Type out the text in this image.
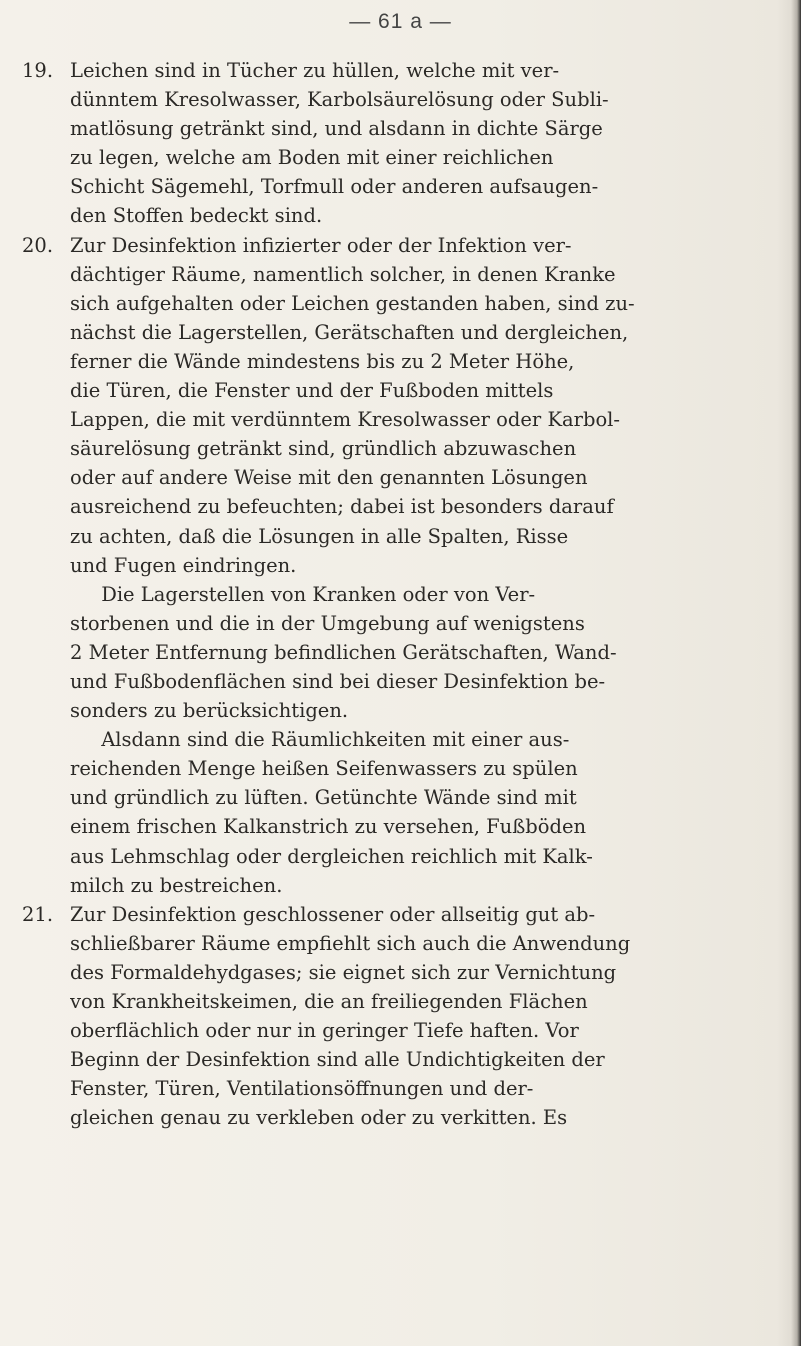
— 61 a —
19. Leichen sind in Tücher zu hüllen, welche mit ver-
dünntem Kresolwasser, Karbolsäurelösung oder Subli-
matlösung getränkt sind, und alsdann in dichte Särge
zu legen, welche am Boden mit einer reichlichen
Schicht Sägemehl, Torfmull oder anderen aufsaugen-
den Stoffen bedeckt sind.
20. Zur Desinfektion infizierter oder der Infektion ver-
dächtiger Räume, namentlich solcher, in denen Kranke
sich aufgehalten oder Leichen gestanden haben, sind zu-
nächst die Lagerstellen, Gerätschaften und dergleichen,
ferner die Wände mindestens bis zu 2 Meter Höhe,
die Türen, die Fenster und der Fußboden mittels
Lappen, die mit verdünntem Kresolwasser oder Karbol-
säurelösung getränkt sind, gründlich abzuwaschen
oder auf andere Weise mit den genannten Lösungen
ausreichend zu befeuchten; dabei ist besonders darauf
zu achten, daß die Lösungen in alle Spalten, Risse
und Fugen eindringen.
Die Lagerstellen von Kranken oder von Ver-
storbenen und die in der Umgebung auf wenigstens
2 Meter Entfernung befindlichen Gerätschaften, Wand-
und Fußbodenflächen sind bei dieser Desinfektion be-
sonders zu berücksichtigen.
Alsdann sind die Räumlichkeiten mit einer aus-
reichenden Menge heißen Seifenwassers zu spülen
und gründlich zu lüften. Getünchte Wände sind mit
einem frischen Kalkanstrich zu versehen, Fußböden
aus Lehmschlag oder dergleichen reichlich mit Kalk-
milch zu bestreichen.
21. Zur Desinfektion geschlossener oder allseitig gut ab-
schließbarer Räume empfiehlt sich auch die Anwendung
des Formaldehydgases; sie eignet sich zur Vernichtung
von Krankheitskeimen, die an freiliegenden Flächen
oberflächlich oder nur in geringer Tiefe haften. Vor
Beginn der Desinfektion sind alle Undichtigkeiten der
Fenster, Türen, Ventilationsöffnungen und der-
gleichen genau zu verkleben oder zu verkitten. Es
